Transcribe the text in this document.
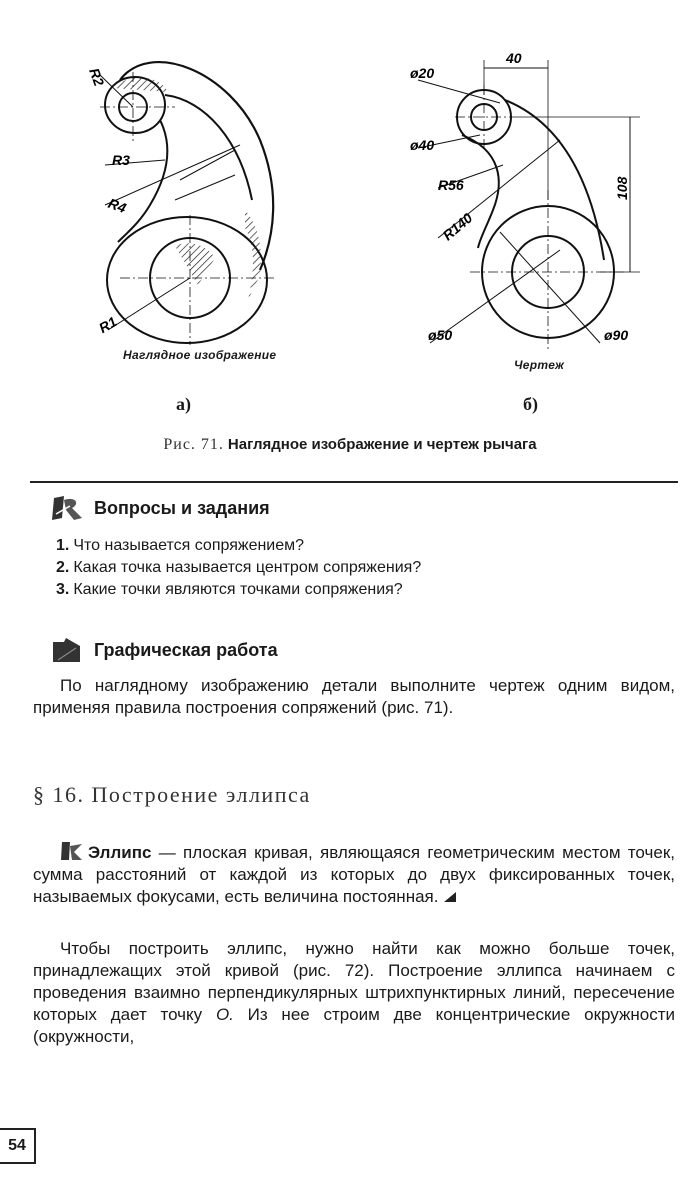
R2
R3
R4
R1
ø20
ø40
R56
R140
ø50	ø90
40
108
Наглядное изображение
Чертеж
а)	б)
Рис. 71. Наглядное изображение и чертеж рычага
Вопросы и задания
1. Что называется сопряжением?
2. Какая точка называется центром сопряжения?
3. Какие точки являются точками сопряжения?
Графическая работа
По наглядному изображению детали выполните чертеж одним видом, применяя правила построения сопряжений (рис. 71).
§ 16. Построение эллипса
Эллипс — плоская кривая, являющаяся геометрическим местом точек, сумма расстояний от каждой из которых до двух фиксированных точек, называемых фокусами, есть величина постоянная.
Чтобы построить эллипс, нужно найти как можно больше точек, принадлежащих этой кривой (рис. 72). Построение эллипса начинаем с проведения взаимно перпендикулярных штрихпунктирных линий, пересечение которых дает точку O. Из нее строим две концентрические окружности (окружности,
54
